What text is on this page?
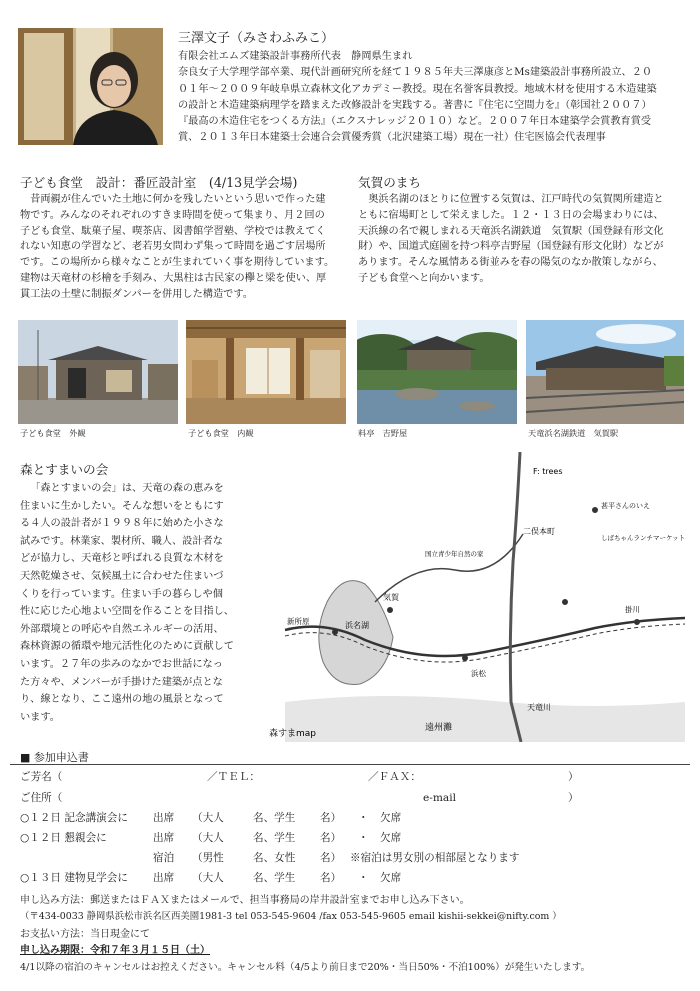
三澤文子（みさわふみこ）

有限会社エムズ建築設計事務所代表　静岡県生まれ

奈良女子大学理学部卒業、現代計画研究所を経て１９８５年夫三澤康彦とMs建築設計事務所設立、２０

０１年～２００９年岐阜県立森林文化アカデミー教授。現在名誉客員教授。地域木材を使用する木造建築

の設計と木造建築病理学を踏まえた改修設計を実践する。著書に『住宅に空間力を』（彰国社２００７）

『最高の木造住宅をつくる方法』（エクスナレッジ２０１０）など。２００７年日本建築学会賞教育賞受

賞、２０１３年日本建築士会連合会賞優秀賞（北沢建築工場）現在一社）住宅医協会代表理事

子ども食堂　設計：番匠設計室　(4/13見学会場)

昔両親が住んでいた土地に何かを残したいという思いで作った建

物です。みんなのそれぞれのすきま時間を使って集まり、月２回の

子ども食堂、駄菓子屋、喫茶店、図書館学習塾、学校では教えてく

れない知恵の学習など、老若男女問わず集って時間を過ごす居場所

です。この場所から様々なことが生まれていく事を期待しています。

建物は天竜材の杉檜を手刻み、大黒柱は古民家の欅と梁を使い、厚

貫工法の土壁に制振ダンパーを併用した構造です。

気賀のまち

奥浜名湖のほとりに位置する気賀は、江戸時代の気賀関所建造と

ともに宿場町として栄えました。１２・１３日の会場まわりには、

天浜線の名で親しまれる天竜浜名湖鉄道　気賀駅（国登録有形文化

財）や、国道式庭園を持つ料亭吉野屋（国登録有形文化財）などが

あります。そんな風情ある街並みを春の陽気のなか散策しながら、

子ども食堂へと向かいます。

子ども食堂　外観	子ども食堂　内観	料亭　吉野屋	天竜浜名湖鉄道　気賀駅
森とすまいの会

「森とすまいの会」は、天竜の森の恵みを

住まいに生かしたい。そんな想いをともにす

る４人の設計者が１９９８年に始めた小さな

試みです。林業家、製材所、職人、設計者な

どが協力し、天竜杉と呼ばれる良質な木材を

天然乾燥させ、気候風土に合わせた住まいづ

くりを行っています。住まい手の暮らしや個

性に応じた心地よい空間を作ることを目指し、

外部環境との呼応や自然エネルギーの活用、

森林資源の循環や地元活性化のために貢献して

います。２７年の歩みのなかでお世話になっ

た方々や、メンバーが手掛けた建築が点とな

り、線となり、ここ遠州の地の風景となって

います。

F: trees
二俣本町
気賀
浜名湖
天竜川
遠州灘
新所原
掛川
甚平さんのいえ
しばちゃんランチマーケット
国立青少年自然の家
浜松
森すまmap
■ 参加申込書
ご芳名（	／ＴＥＬ：	／ＦＡＸ：	）
ご住所（	e-mail	）
○１２日 記念講演会に 出席 （大人	名、学生 名） ・ 欠席
○１２日 懇親会に	出席 （大人	名、学生 名） ・ 欠席
宿泊 （男性	名、女性 名） ※宿泊は男女別の相部屋となります
○１３日 建物見学会に 出席 （大人	名、学生 名） ・ 欠席
申し込み方法：郵送またはＦＡＸまたはメールで、担当事務局の岸井設計室までお申し込み下さい。
（〒434-0033 静岡県浜松市浜名区西美園1981-3 tel 053-545-9604 /fax 053-545-9605 email kishii-sekkei@nifty.com ）
お支払い方法：当日現金にて
申し込み期限：令和７年３月１５日（土）
4/1以降の宿泊のキャンセルはお控えください。キャンセル料（4/5より前日まで20%・当日50%・不泊100%）が発生いたします。
